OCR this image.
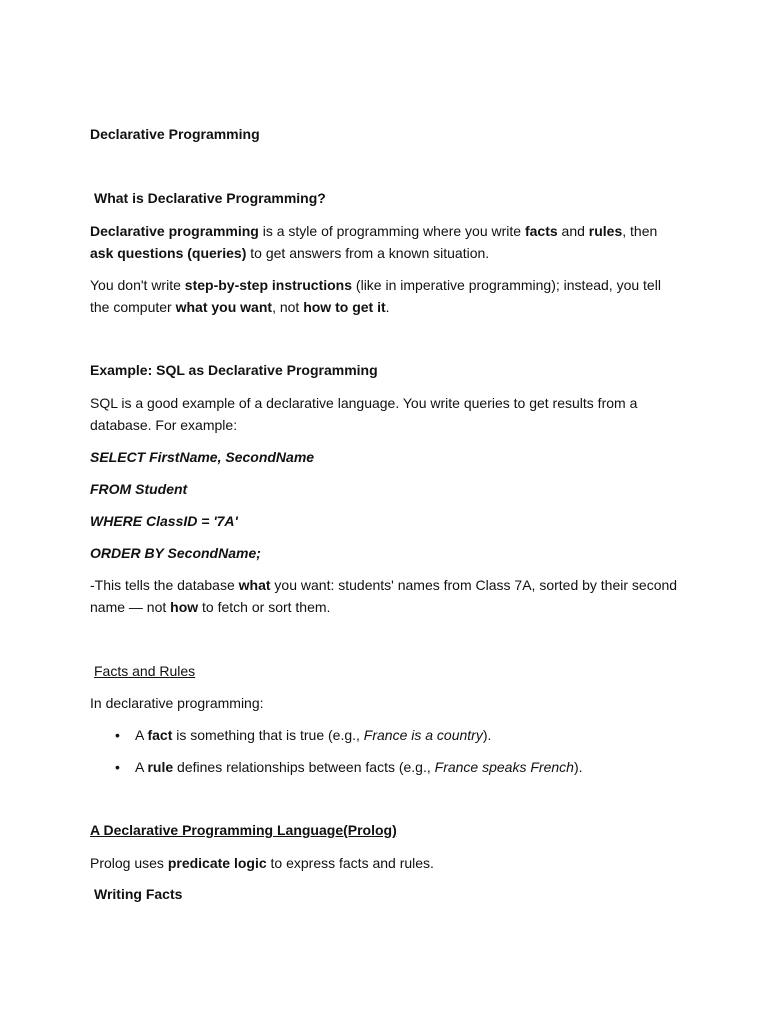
Declarative Programming

What is Declarative Programming?

Declarative programming is a style of programming where you write facts and rules, then ask questions (queries) to get answers from a known situation.

You don't write step-by-step instructions (like in imperative programming); instead, you tell the computer what you want, not how to get it.

Example: SQL as Declarative Programming

SQL is a good example of a declarative language. You write queries to get results from a database. For example:

SELECT FirstName, SecondName

FROM Student

WHERE ClassID = '7A'

ORDER BY SecondName;

-This tells the database what you want: students' names from Class 7A, sorted by their second name — not how to fetch or sort them.

Facts and Rules

In declarative programming:

• A fact is something that is true (e.g., France is a country).
• A rule defines relationships between facts (e.g., France speaks French).

A Declarative Programming Language(Prolog)

Prolog uses predicate logic to express facts and rules.

Writing Facts
